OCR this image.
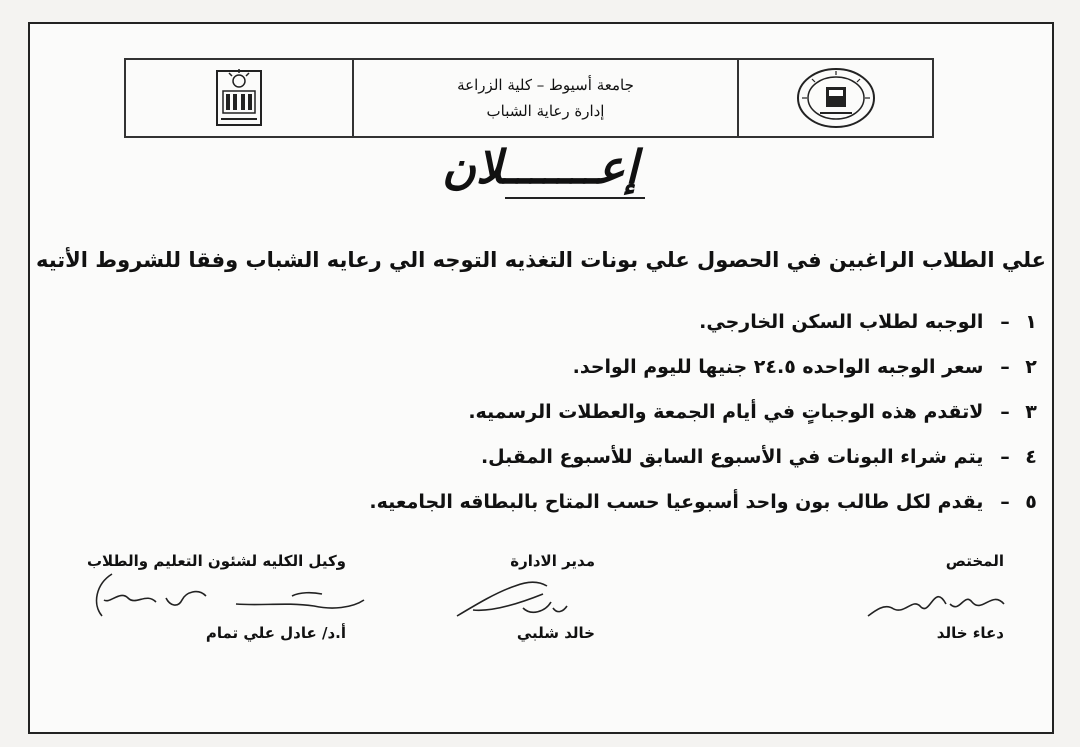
جامعة أسيوط – كلية الزراعة
إدارة رعاية الشباب
إعـــــــلان
علي الطلاب الراغبين في الحصول علي بونات التغذيه التوجه الي رعايه الشباب وفقا للشروط الأتيه
١– الوجبه لطلاب السكن الخارجي.
٢– سعر الوجبه الواحده ٢٤.٥ جنيها لليوم الواحد.
٣– لاتقدم هذه الوجباتٍ في أيام الجمعة والعطلات الرسميه.
٤– يتم شراء البونات في الأسبوع السابق للأسبوع المقبل.
٥– يقدم لكل طالب بون واحد أسبوعيا حسب المتاح بالبطاقه الجامعيه.
المختص
دعاء خالد
مدير الادارة
خالد شلبي
وكيل الكليه لشئون التعليم والطلاب
أ.د/ عادل علي تمام
